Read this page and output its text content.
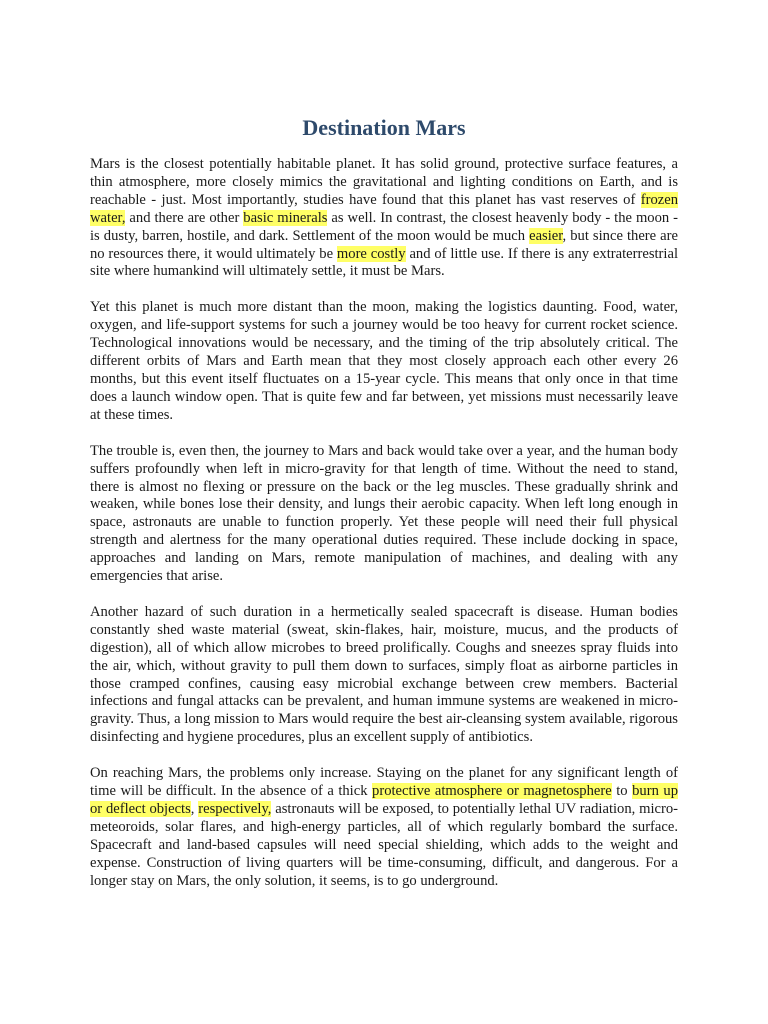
Destination Mars

Mars is the closest potentially habitable planet. It has solid ground, protective surface features, a thin atmosphere, more closely mimics the gravitational and lighting conditions on Earth, and is reachable - just. Most importantly, studies have found that this planet has vast reserves of frozen water, and there are other basic minerals as well. In contrast, the closest heavenly body - the moon - is dusty, barren, hostile, and dark. Settlement of the moon would be much easier, but since there are no resources there, it would ultimately be more costly and of little use. If there is any extraterrestrial site where humankind will ultimately settle, it must be Mars.

Yet this planet is much more distant than the moon, making the logistics daunting. Food, water, oxygen, and life-support systems for such a journey would be too heavy for current rocket science. Technological innovations would be necessary, and the timing of the trip absolutely critical. The different orbits of Mars and Earth mean that they most closely approach each other every 26 months, but this event itself fluctuates on a 15-year cycle. This means that only once in that time does a launch window open. That is quite few and far between, yet missions must necessarily leave at these times.

The trouble is, even then, the journey to Mars and back would take over a year, and the human body suffers profoundly when left in micro-gravity for that length of time. Without the need to stand, there is almost no flexing or pressure on the back or the leg muscles. These gradually shrink and weaken, while bones lose their density, and lungs their aerobic capacity. When left long enough in space, astronauts are unable to function properly. Yet these people will need their full physical strength and alertness for the many operational duties required. These include docking in space, approaches and landing on Mars, remote manipulation of machines, and dealing with any emergencies that arise.

Another hazard of such duration in a hermetically sealed spacecraft is disease. Human bodies constantly shed waste material (sweat, skin-flakes, hair, moisture, mucus, and the products of digestion), all of which allow microbes to breed prolifically. Coughs and sneezes spray fluids into the air, which, without gravity to pull them down to surfaces, simply float as airborne particles in those cramped confines, causing easy microbial exchange between crew members. Bacterial infections and fungal attacks can be prevalent, and human immune systems are weakened in micro-gravity. Thus, a long mission to Mars would require the best air-cleansing system available, rigorous disinfecting and hygiene procedures, plus an excellent supply of antibiotics.

On reaching Mars, the problems only increase. Staying on the planet for any significant length of time will be difficult. In the absence of a thick protective atmosphere or magnetosphere to burn up or deflect objects, respectively, astronauts will be exposed, to potentially lethal UV radiation, micro-meteoroids, solar flares, and high-energy particles, all of which regularly bombard the surface. Spacecraft and land-based capsules will need special shielding, which adds to the weight and expense. Construction of living quarters will be time-consuming, difficult, and dangerous. For a longer stay on Mars, the only solution, it seems, is to go underground.
